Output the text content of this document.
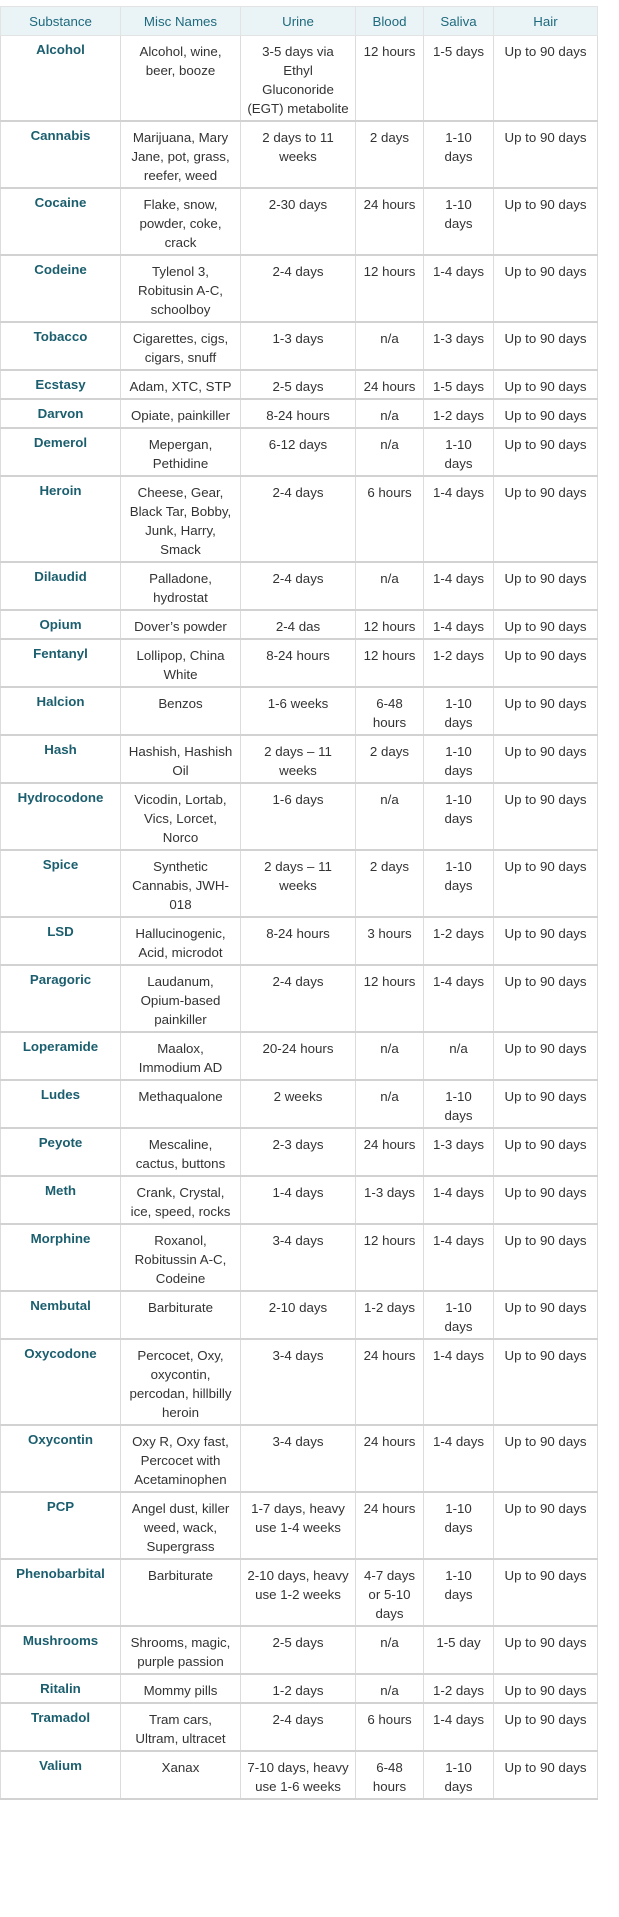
Substance	Misc Names	Urine	Blood	Saliva	Hair
Alcohol	Alcohol, wine, beer, booze	3-5 days via Ethyl Gluconoride (EGT) metabolite	12 hours	1-5 days	Up to 90 days
Cannabis	Marijuana, Mary Jane, pot, grass, reefer, weed	2 days to 11 weeks	2 days	1-10 days	Up to 90 days
Cocaine	Flake, snow, powder, coke, crack	2-30 days	24 hours	1-10 days	Up to 90 days
Codeine	Tylenol 3, Robitusin A-C, schoolboy	2-4 days	12 hours	1-4 days	Up to 90 days
Tobacco	Cigarettes, cigs, cigars, snuff	1-3 days	n/a	1-3 days	Up to 90 days
Ecstasy	Adam, XTC, STP	2-5 days	24 hours	1-5 days	Up to 90 days
Darvon	Opiate, painkiller	8-24 hours	n/a	1-2 days	Up to 90 days
Demerol	Mepergan, Pethidine	6-12 days	n/a	1-10 days	Up to 90 days
Heroin	Cheese, Gear, Black Tar, Bobby, Junk, Harry, Smack	2-4 days	6 hours	1-4 days	Up to 90 days
Dilaudid	Palladone, hydrostat	2-4 days	n/a	1-4 days	Up to 90 days
Opium	Dover’s powder	2-4 das	12 hours	1-4 days	Up to 90 days
Fentanyl	Lollipop, China White	8-24 hours	12 hours	1-2 days	Up to 90 days
Halcion	Benzos	1-6 weeks	6-48 hours	1-10 days	Up to 90 days
Hash	Hashish, Hashish Oil	2 days – 11 weeks	2 days	1-10 days	Up to 90 days
Hydrocodone	Vicodin, Lortab, Vics, Lorcet, Norco	1-6 days	n/a	1-10 days	Up to 90 days
Spice	Synthetic Cannabis, JWH-018	2 days – 11 weeks	2 days	1-10 days	Up to 90 days
LSD	Hallucinogenic, Acid, microdot	8-24 hours	3 hours	1-2 days	Up to 90 days
Paragoric	Laudanum, Opium-based painkiller	2-4 days	12 hours	1-4 days	Up to 90 days
Loperamide	Maalox, Immodium AD	20-24 hours	n/a	n/a	Up to 90 days
Ludes	Methaqualone	2 weeks	n/a	1-10 days	Up to 90 days
Peyote	Mescaline, cactus, buttons	2-3 days	24 hours	1-3 days	Up to 90 days
Meth	Crank, Crystal, ice, speed, rocks	1-4 days	1-3 days	1-4 days	Up to 90 days
Morphine	Roxanol, Robitussin A-C, Codeine	3-4 days	12 hours	1-4 days	Up to 90 days
Nembutal	Barbiturate	2-10 days	1-2 days	1-10 days	Up to 90 days
Oxycodone	Percocet, Oxy, oxycontin, percodan, hillbilly heroin	3-4 days	24 hours	1-4 days	Up to 90 days
Oxycontin	Oxy R, Oxy fast, Percocet with Acetaminophen	3-4 days	24 hours	1-4 days	Up to 90 days
PCP	Angel dust, killer weed, wack, Supergrass	1-7 days, heavy use 1-4 weeks	24 hours	1-10 days	Up to 90 days
Phenobarbital	Barbiturate	2-10 days, heavy use 1-2 weeks	4-7 days or 5-10 days	1-10 days	Up to 90 days
Mushrooms	Shrooms, magic, purple passion	2-5 days	n/a	1-5 day	Up to 90 days
Ritalin	Mommy pills	1-2 days	n/a	1-2 days	Up to 90 days
Tramadol	Tram cars, Ultram, ultracet	2-4 days	6 hours	1-4 days	Up to 90 days
Valium	Xanax	7-10 days, heavy use 1-6 weeks	6-48 hours	1-10 days	Up to 90 days
